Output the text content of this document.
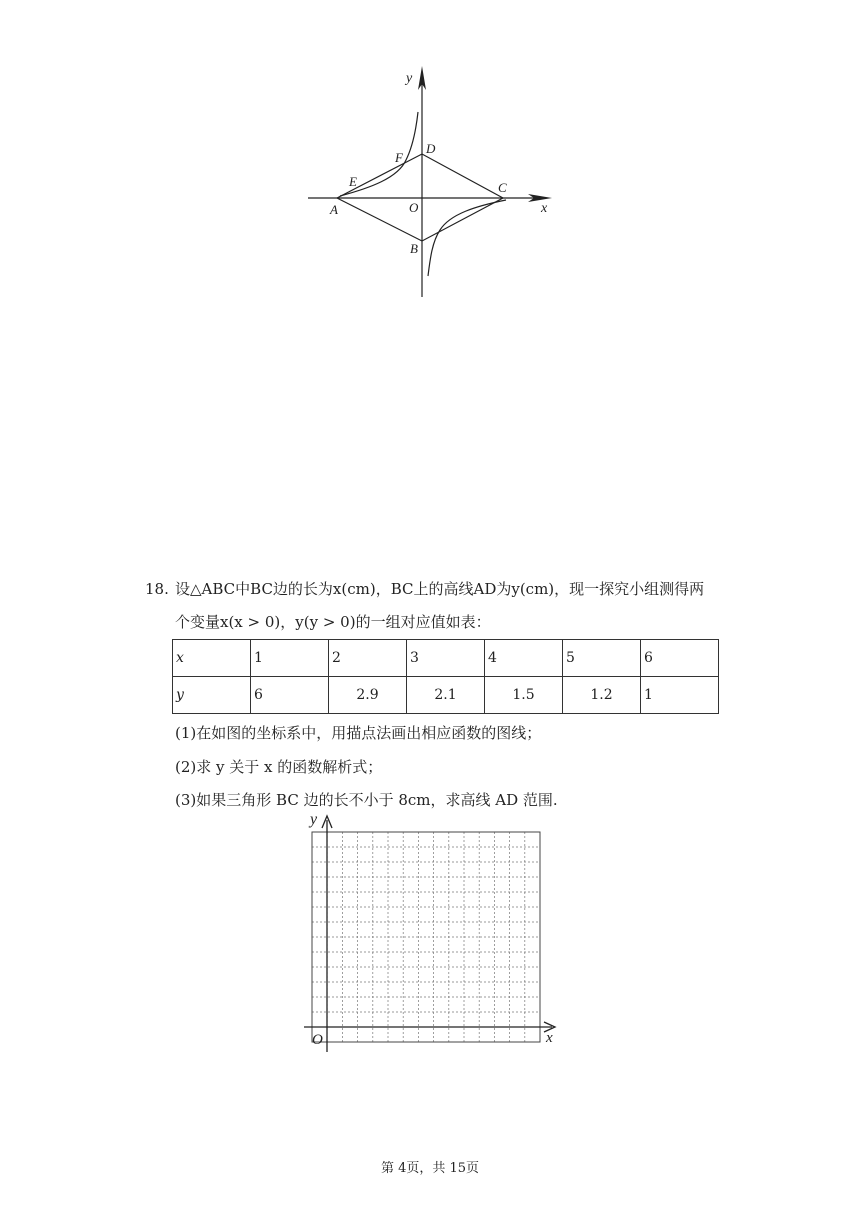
y
x
D
F
E	C
A	O
B
18. 设△ABC中BC边的长为x(cm)，BC上的高线AD为y(cm)，现一探究小组测得两
个变量x(x > 0)，y(y > 0)的一组对应值如表：
x	1	2	3	4	5	6
y	6	2.9	2.1	1.5	1.2	1
(1)在如图的坐标系中，用描点法画出相应函数的图线；
(2)求 y 关于 x 的函数解析式；
(3)如果三角形 BC 边的长不小于 8cm，求高线 AD 范围.
y
O	x
第 4页，共 15页
